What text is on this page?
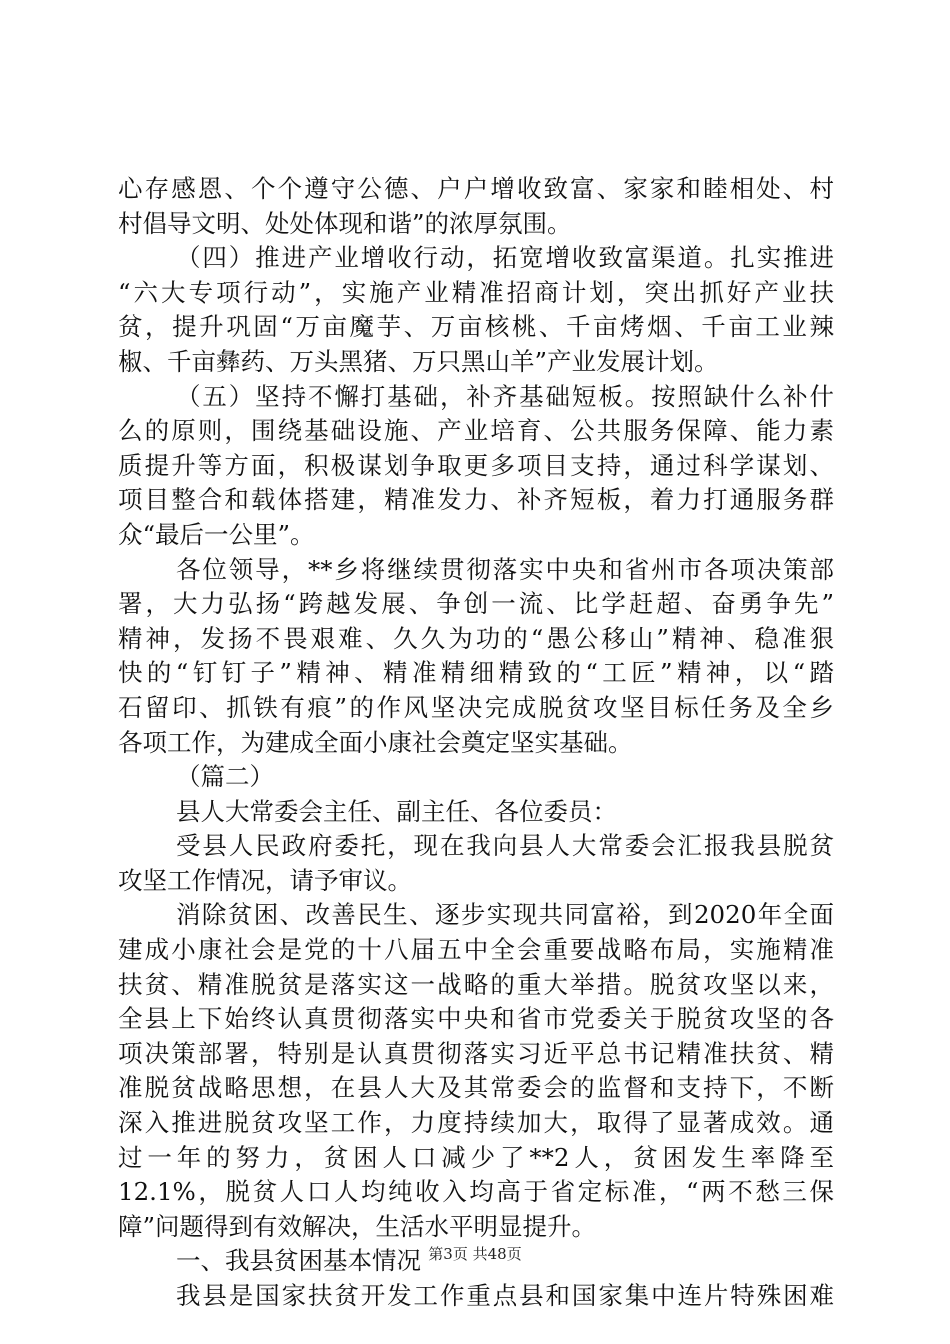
心存感恩、个个遵守公德、户户增收致富、家家和睦相处、村
村倡导文明、处处体现和谐”的浓厚氛围。
（四）推进产业增收行动，拓宽增收致富渠道。扎实推进
“六大专项行动”，实施产业精准招商计划，突出抓好产业扶
贫，提升巩固“万亩魔芋、万亩核桃、千亩烤烟、千亩工业辣
椒、千亩彝药、万头黑猪、万只黑山羊”产业发展计划。
（五）坚持不懈打基础，补齐基础短板。按照缺什么补什
么的原则，围绕基础设施、产业培育、公共服务保障、能力素
质提升等方面，积极谋划争取更多项目支持，通过科学谋划、
项目整合和载体搭建，精准发力、补齐短板，着力打通服务群
众“最后一公里”。
各位领导，**乡将继续贯彻落实中央和省州市各项决策部
署，大力弘扬“跨越发展、争创一流、比学赶超、奋勇争先”
精神，发扬不畏艰难、久久为功的“愚公移山”精神、稳准狠
快的“钉钉子”精神、精准精细精致的“工匠”精神，以“踏
石留印、抓铁有痕”的作风坚决完成脱贫攻坚目标任务及全乡
各项工作，为建成全面小康社会奠定坚实基础。
（篇二）
县人大常委会主任、副主任、各位委员：
受县人民政府委托，现在我向县人大常委会汇报我县脱贫
攻坚工作情况，请予审议。
消除贫困、改善民生、逐步实现共同富裕，到2020年全面
建成小康社会是党的十八届五中全会重要战略布局，实施精准
扶贫、精准脱贫是落实这一战略的重大举措。脱贫攻坚以来，
全县上下始终认真贯彻落实中央和省市党委关于脱贫攻坚的各
项决策部署，特别是认真贯彻落实习近平总书记精准扶贫、精
准脱贫战略思想，在县人大及其常委会的监督和支持下，不断
深入推进脱贫攻坚工作，力度持续加大，取得了显著成效。通
过一年的努力，贫困人口减少了**2人，贫困发生率降至
12.1%，脱贫人口人均纯收入均高于省定标准，“两不愁三保
障”问题得到有效解决，生活水平明显提升。
一、我县贫困基本情况
我县是国家扶贫开发工作重点县和国家集中连片特殊困难
第3页 共48页
